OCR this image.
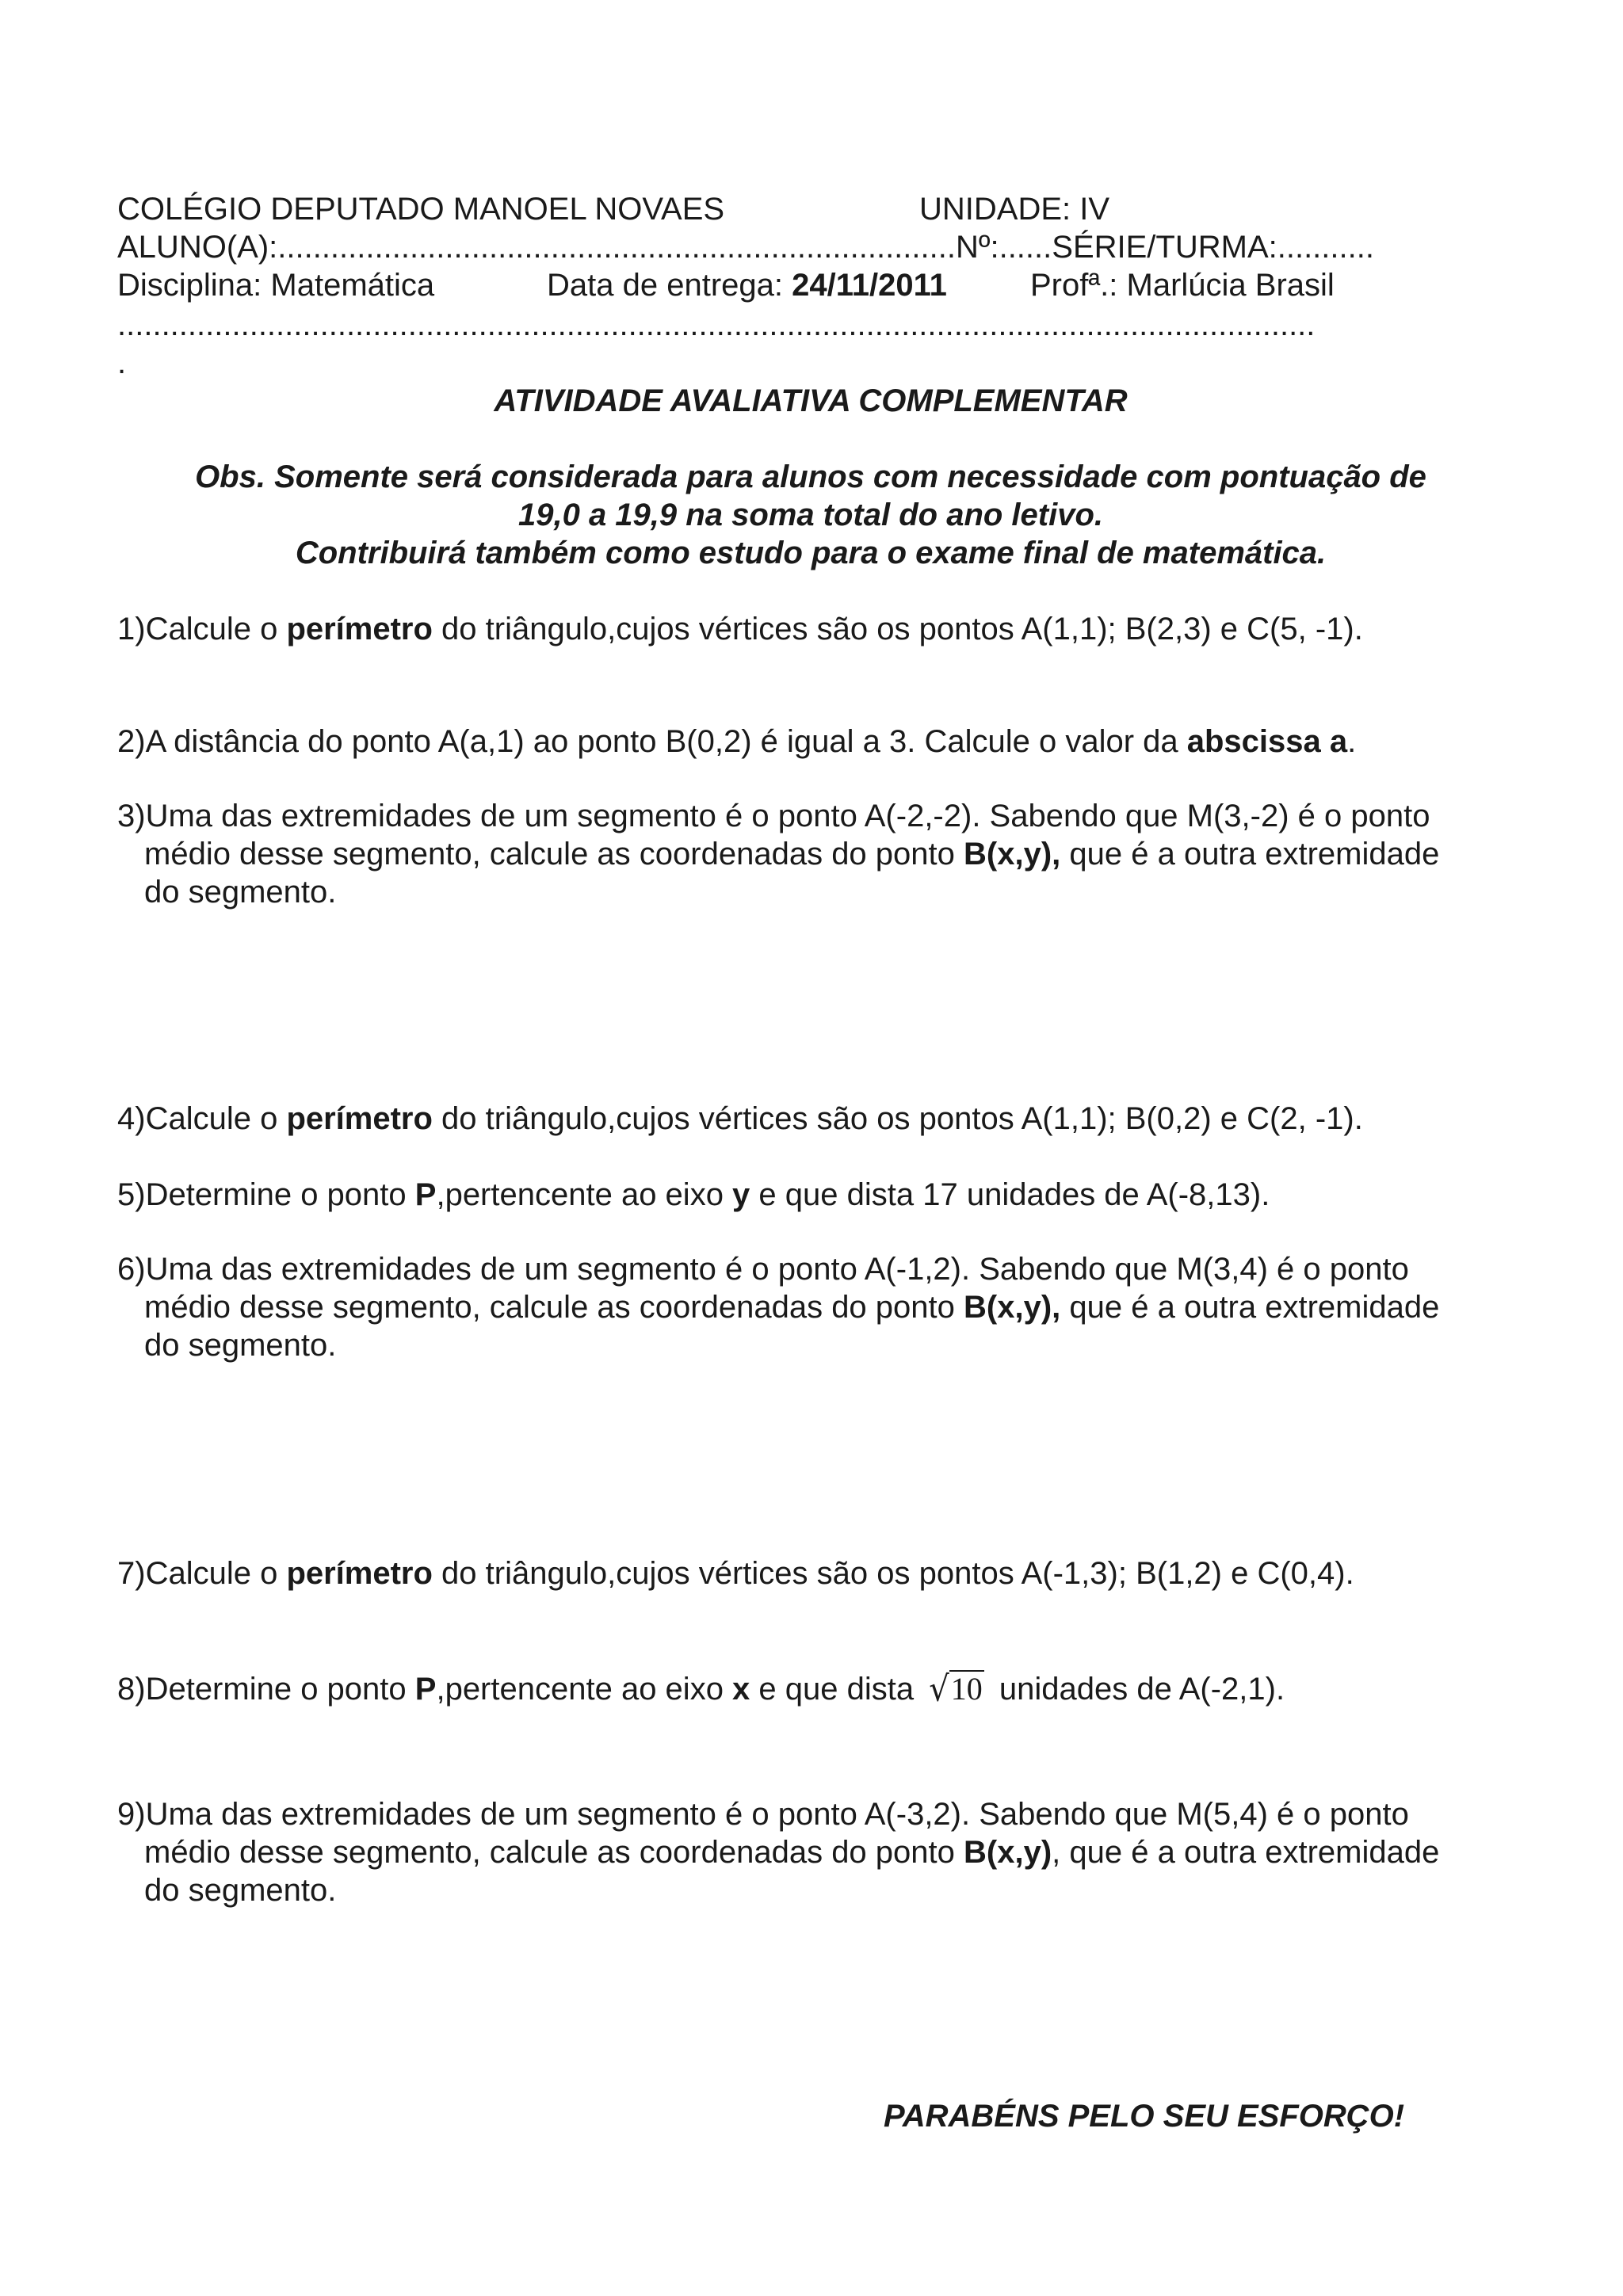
COLÉGIO DEPUTADO MANOEL NOVAES	UNIDADE: IV
ALUNO(A):.............................................................................Nº:......SÉRIE/TURMA:...........
Disciplina: Matemática	Data de entrega: 24/11/2011	Profª.: Marlúcia Brasil
........................................................................................................................................
.
ATIVIDADE AVALIATIVA COMPLEMENTAR
Obs. Somente será considerada para alunos com necessidade com pontuação de
19,0 a 19,9 na soma total do ano letivo.
Contribuirá também como estudo para o exame final de matemática.
1)Calcule o perímetro do triângulo,cujos vértices são os pontos A(1,1); B(2,3) e C(5, -1).
2)A distância do ponto A(a,1) ao ponto B(0,2) é igual a 3. Calcule o valor da abscissa a.
3)Uma das extremidades de um segmento é o ponto A(-2,-2). Sabendo que M(3,-2) é o ponto
médio desse segmento, calcule as coordenadas do ponto B(x,y), que é a outra extremidade
do segmento.
4)Calcule o perímetro do triângulo,cujos vértices são os pontos A(1,1); B(0,2) e C(2, -1).
5)Determine o ponto P,pertencente ao eixo y e que dista 17 unidades de A(-8,13).
6)Uma das extremidades de um segmento é o ponto A(-1,2). Sabendo que M(3,4) é o ponto
médio desse segmento, calcule as coordenadas do ponto B(x,y), que é a outra extremidade
do segmento.
7)Calcule o perímetro do triângulo,cujos vértices são os pontos A(-1,3); B(1,2) e C(0,4).
8)Determine o ponto P,pertencente ao eixo x e que dista √10 unidades de A(-2,1).
9)Uma das extremidades de um segmento é o ponto A(-3,2). Sabendo que M(5,4) é o ponto
médio desse segmento, calcule as coordenadas do ponto B(x,y), que é a outra extremidade
do segmento.
PARABÉNS PELO SEU ESFORÇO!
